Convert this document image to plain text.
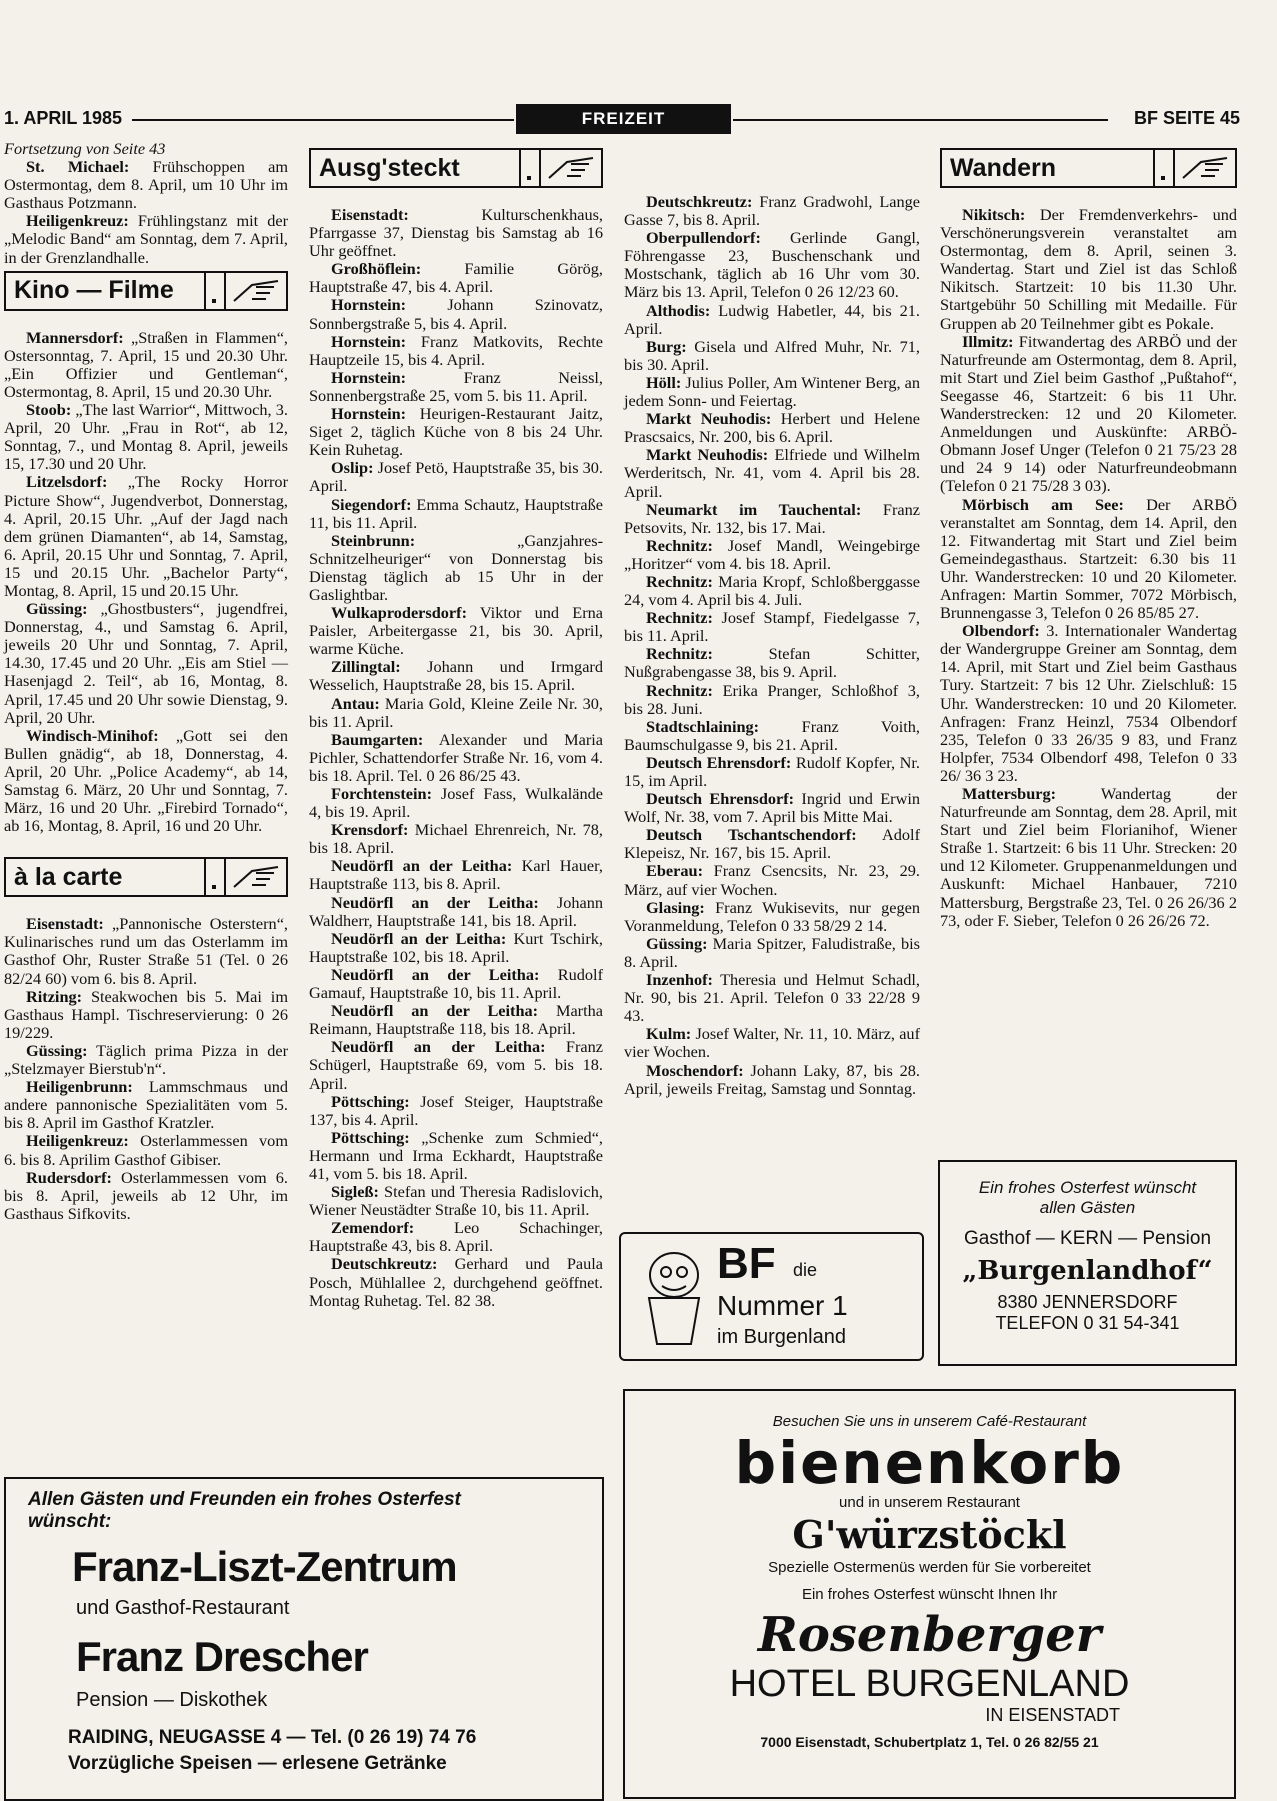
1. APRIL 1985	FREIZEIT	BF SEITE 45

Fortsetzung von Seite 43

St. Michael: Frühschoppen am Ostermontag, dem 8. April, um 10 Uhr im Gasthaus Potzmann.

Heiligenkreuz: Frühlingstanz mit der „Melodic Band“ am Sonntag, dem 7. April, in der Grenzlandhalle.

Kino — Filme

Mannersdorf: „Straßen in Flammen“, Ostersonntag, 7. April, 15 und 20.30 Uhr. „Ein Offizier und Gentleman“, Ostermontag, 8. April, 15 und 20.30 Uhr.

Stoob: „The last Warrior“, Mittwoch, 3. April, 20 Uhr. „Frau in Rot“, ab 12, Sonntag, 7., und Montag 8. April, jeweils 15, 17.30 und 20 Uhr.

Litzelsdorf: „The Rocky Horror Picture Show“, Jugendverbot, Donnerstag, 4. April, 20.15 Uhr. „Auf der Jagd nach dem grünen Diamanten“, ab 14, Samstag, 6. April, 20.15 Uhr und Sonntag, 7. April, 15 und 20.15 Uhr. „Bachelor Party“, Montag, 8. April, 15 und 20.15 Uhr.

Güssing: „Ghostbusters“, jugendfrei, Donnerstag, 4., und Samstag 6. April, jeweils 20 Uhr und Sonntag, 7. April, 14.30, 17.45 und 20 Uhr. „Eis am Stiel — Hasenjagd 2. Teil“, ab 16, Montag, 8. April, 17.45 und 20 Uhr sowie Dienstag, 9. April, 20 Uhr.

Windisch-Minihof: „Gott sei den Bullen gnädig“, ab 18, Donnerstag, 4. April, 20 Uhr. „Police Academy“, ab 14, Samstag 6. März, 20 Uhr und Sonntag, 7. März, 16 und 20 Uhr. „Firebird Tornado“, ab 16, Montag, 8. April, 16 und 20 Uhr.

à la carte

Eisenstadt: „Pannonische Osterstern“, Kulinarisches rund um das Osterlamm im Gasthof Ohr, Ruster Straße 51 (Tel. 0 26 82/24 60) vom 6. bis 8. April.

Ritzing: Steakwochen bis 5. Mai im Gasthaus Hampl. Tischreservierung: 0 26 19/229.

Güssing: Täglich prima Pizza in der „Stelzmayer Bierstub'n“.

Heiligenbrunn: Lammschmaus und andere pannonische Spezialitäten vom 5. bis 8. April im Gasthof Kratzler.

Heiligenkreuz: Osterlammessen vom 6. bis 8. Aprilim Gasthof Gibiser.

Rudersdorf: Osterlammessen vom 6. bis 8. April, jeweils ab 12 Uhr, im Gasthaus Sifkovits.

Ausg'steckt

Eisenstadt: Kulturschenkhaus, Pfarrgasse 37, Dienstag bis Samstag ab 16 Uhr geöffnet.

Großhöflein: Familie Görög, Hauptstraße 47, bis 4. April.

Hornstein: Johann Szinovatz, Sonnbergstraße 5, bis 4. April.

Hornstein: Franz Matkovits, Rechte Hauptzeile 15, bis 4. April.

Hornstein: Franz Neissl, Sonnenbergstraße 25, vom 5. bis 11. April.

Hornstein: Heurigen-Restaurant Jaitz, Siget 2, täglich Küche von 8 bis 24 Uhr. Kein Ruhetag.

Oslip: Josef Petö, Hauptstraße 35, bis 30. April.

Siegendorf: Emma Schautz, Hauptstraße 11, bis 11. April.

Steinbrunn: „Ganzjahres-Schnitzelheuriger“ von Donnerstag bis Dienstag täglich ab 15 Uhr in der Gaslightbar.

Wulkaprodersdorf: Viktor und Erna Paisler, Arbeitergasse 21, bis 30. April, warme Küche.

Zillingtal: Johann und Irmgard Wesselich, Hauptstraße 28, bis 15. April.

Antau: Maria Gold, Kleine Zeile Nr. 30, bis 11. April.

Baumgarten: Alexander und Maria Pichler, Schattendorfer Straße Nr. 16, vom 4. bis 18. April. Tel. 0 26 86/25 43.

Forchtenstein: Josef Fass, Wulkalände 4, bis 19. April.

Krensdorf: Michael Ehrenreich, Nr. 78, bis 18. April.

Neudörfl an der Leitha: Karl Hauer, Hauptstraße 113, bis 8. April.

Neudörfl an der Leitha: Johann Waldherr, Hauptstraße 141, bis 18. April.

Neudörfl an der Leitha: Kurt Tschirk, Hauptstraße 102, bis 18. April.

Neudörfl an der Leitha: Rudolf Gamauf, Hauptstraße 10, bis 11. April.

Neudörfl an der Leitha: Martha Reimann, Hauptstraße 118, bis 18. April.

Neudörfl an der Leitha: Franz Schügerl, Hauptstraße 69, vom 5. bis 18. April.

Pöttsching: Josef Steiger, Hauptstraße 137, bis 4. April.

Pöttsching: „Schenke zum Schmied“, Hermann und Irma Eckhardt, Hauptstraße 41, vom 5. bis 18. April.

Sigleß: Stefan und Theresia Radislovich, Wiener Neustädter Straße 10, bis 11. April.

Zemendorf: Leo Schachinger, Hauptstraße 43, bis 8. April.

Deutschkreutz: Gerhard und Paula Posch, Mühlallee 2, durchgehend geöffnet. Montag Ruhetag. Tel. 82 38.

Deutschkreutz: Franz Gradwohl, Lange Gasse 7, bis 8. April.

Oberpullendorf: Gerlinde Gangl, Föhrengasse 23, Buschenschank und Mostschank, täglich ab 16 Uhr vom 30. März bis 13. April, Telefon 0 26 12/23 60.

Althodis: Ludwig Habetler, 44, bis 21. April.

Burg: Gisela und Alfred Muhr, Nr. 71, bis 30. April.

Höll: Julius Poller, Am Wintener Berg, an jedem Sonn- und Feiertag.

Markt Neuhodis: Herbert und Helene Prascsaics, Nr. 200, bis 6. April.

Markt Neuhodis: Elfriede und Wilhelm Werderitsch, Nr. 41, vom 4. April bis 28. April.

Neumarkt im Tauchental: Franz Petsovits, Nr. 132, bis 17. Mai.

Rechnitz: Josef Mandl, Weingebirge „Horitzer“ vom 4. bis 18. April.

Rechnitz: Maria Kropf, Schloßberggasse 24, vom 4. April bis 4. Juli.

Rechnitz: Josef Stampf, Fiedelgasse 7, bis 11. April.

Rechnitz: Stefan Schitter, Nußgrabengasse 38, bis 9. April.

Rechnitz: Erika Pranger, Schloßhof 3, bis 28. Juni.

Stadtschlaining: Franz Voith, Baumschulgasse 9, bis 21. April.

Deutsch Ehrensdorf: Rudolf Kopfer, Nr. 15, im April.

Deutsch Ehrensdorf: Ingrid und Erwin Wolf, Nr. 38, vom 7. April bis Mitte Mai.

Deutsch Tschantschendorf: Adolf Klepeisz, Nr. 167, bis 15. April.

Eberau: Franz Csencsits, Nr. 23, 29. März, auf vier Wochen.

Glasing: Franz Wukisevits, nur gegen Voranmeldung, Telefon 0 33 58/29 2 14.

Güssing: Maria Spitzer, Faludistraße, bis 8. April.

Inzenhof: Theresia und Helmut Schadl, Nr. 90, bis 21. April. Telefon 0 33 22/28 9 43.

Kulm: Josef Walter, Nr. 11, 10. März, auf vier Wochen.

Moschendorf: Johann Laky, 87, bis 28. April, jeweils Freitag, Samstag und Sonntag.

BF die
Nummer 1
im Burgenland
Wandern

Nikitsch: Der Fremdenverkehrs- und Verschönerungsverein veranstaltet am Ostermontag, dem 8. April, seinen 3. Wandertag. Start und Ziel ist das Schloß Nikitsch. Startzeit: 10 bis 11.30 Uhr. Startgebühr 50 Schilling mit Medaille. Für Gruppen ab 20 Teilnehmer gibt es Pokale.

Illmitz: Fitwandertag des ARBÖ und der Naturfreunde am Ostermontag, dem 8. April, mit Start und Ziel beim Gasthof „Pußtahof“, Seegasse 46, Startzeit: 6 bis 11 Uhr. Wanderstrecken: 12 und 20 Kilometer. Anmeldungen und Auskünfte: ARBÖ-Obmann Josef Unger (Telefon 0 21 75/23 28 und 24 9 14) oder Naturfreundeobmann (Telefon 0 21 75/28 3 03).

Mörbisch am See: Der ARBÖ veranstaltet am Sonntag, dem 14. April, den 12. Fitwandertag mit Start und Ziel beim Gemeindegasthaus. Startzeit: 6.30 bis 11 Uhr. Wanderstrecken: 10 und 20 Kilometer. Anfragen: Martin Sommer, 7072 Mörbisch, Brunnengasse 3, Telefon 0 26 85/85 27.

Olbendorf: 3. Internationaler Wandertag der Wandergruppe Greiner am Sonntag, dem 14. April, mit Start und Ziel beim Gasthaus Tury. Startzeit: 7 bis 12 Uhr. Zielschluß: 15 Uhr. Wanderstrecken: 10 und 20 Kilometer. Anfragen: Franz Heinzl, 7534 Olbendorf 235, Telefon 0 33 26/35 9 83, und Franz Holpfer, 7534 Olbendorf 498, Telefon 0 33 26/ 36 3 23.

Mattersburg: Wandertag der Naturfreunde am Sonntag, dem 28. April, mit Start und Ziel beim Florianihof, Wiener Straße 1. Startzeit: 6 bis 11 Uhr. Strecken: 20 und 12 Kilometer. Gruppenanmeldungen und Auskunft: Michael Hanbauer, 7210 Mattersburg, Bergstraße 23, Tel. 0 26 26/36 2 73, oder F. Sieber, Telefon 0 26 26/26 72.

Ein frohes Osterfest wünscht
allen Gästen
Gasthof — KERN — Pension
„Burgenlandhof“
8380 JENNERSDORF
TELEFON 0 31 54-341
Allen Gästen und Freunden ein frohes Osterfest
wünscht:
Franz-Liszt-Zentrum
und Gasthof-Restaurant
Franz Drescher
Pension — Diskothek
RAIDING, NEUGASSE 4 — Tel. (0 26 19) 74 76
Vorzügliche Speisen — erlesene Getränke
Besuchen Sie uns in unserem Café-Restaurant
bienenkorb
und in unserem Restaurant
G'würzstöckl
Spezielle Ostermenüs werden für Sie vorbereitet
Ein frohes Osterfest wünscht Ihnen Ihr
Rosenberger
HOTEL BURGENLAND
IN EISENSTADT
7000 Eisenstadt, Schubertplatz 1, Tel. 0 26 82/55 21
